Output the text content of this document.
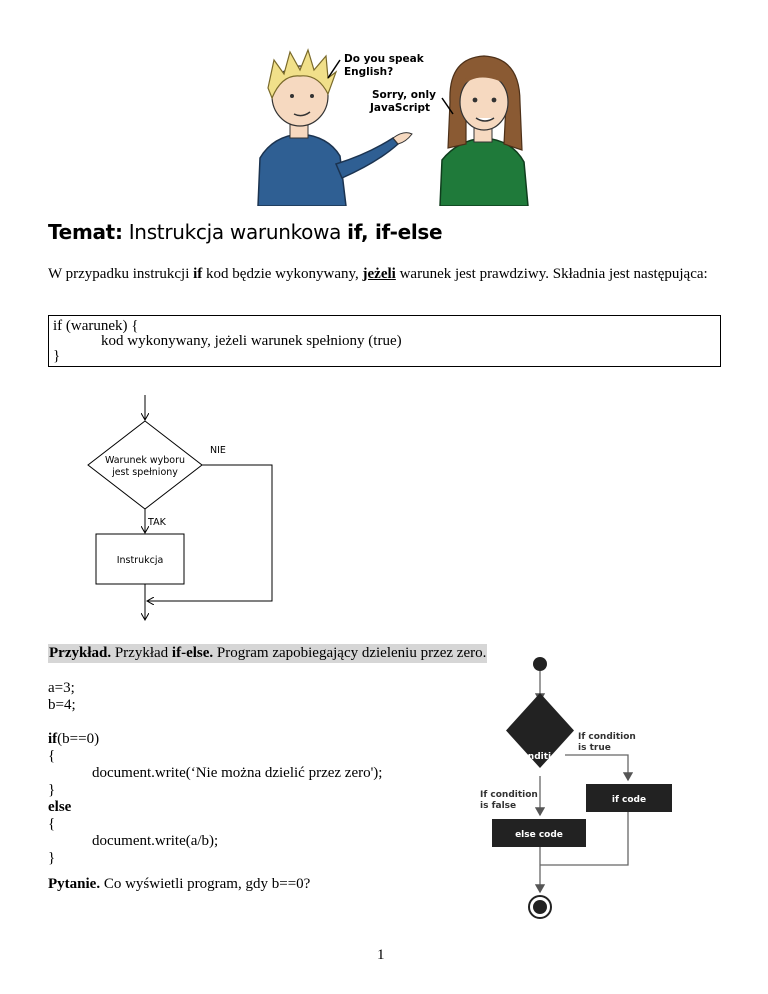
Do you speak
English?
Sorry, only
JavaScript
Temat: Instrukcja warunkowa if, if-else
W przypadku instrukcji if kod będzie wykonywany, jeżeli warunek jest prawdziwy. Składnia jest następująca:
if (warunek) {
kod wykonywany, jeżeli warunek spełniony (true)
}
Warunek wyboru
jest spełniony
NIE
TAK
Instrukcja
Przykład. Przykład if-else. Program zapobiegający dzieleniu przez zero.
a=3;
b=4;
if(b==0)
{
document.write(‘Nie można dzielić przez zero');
}
else
{
document.write(a/b);
}
condition
If condition
is true
if code
If condition
is false
else code
Pytanie. Co wyświetli program, gdy b==0?
1
